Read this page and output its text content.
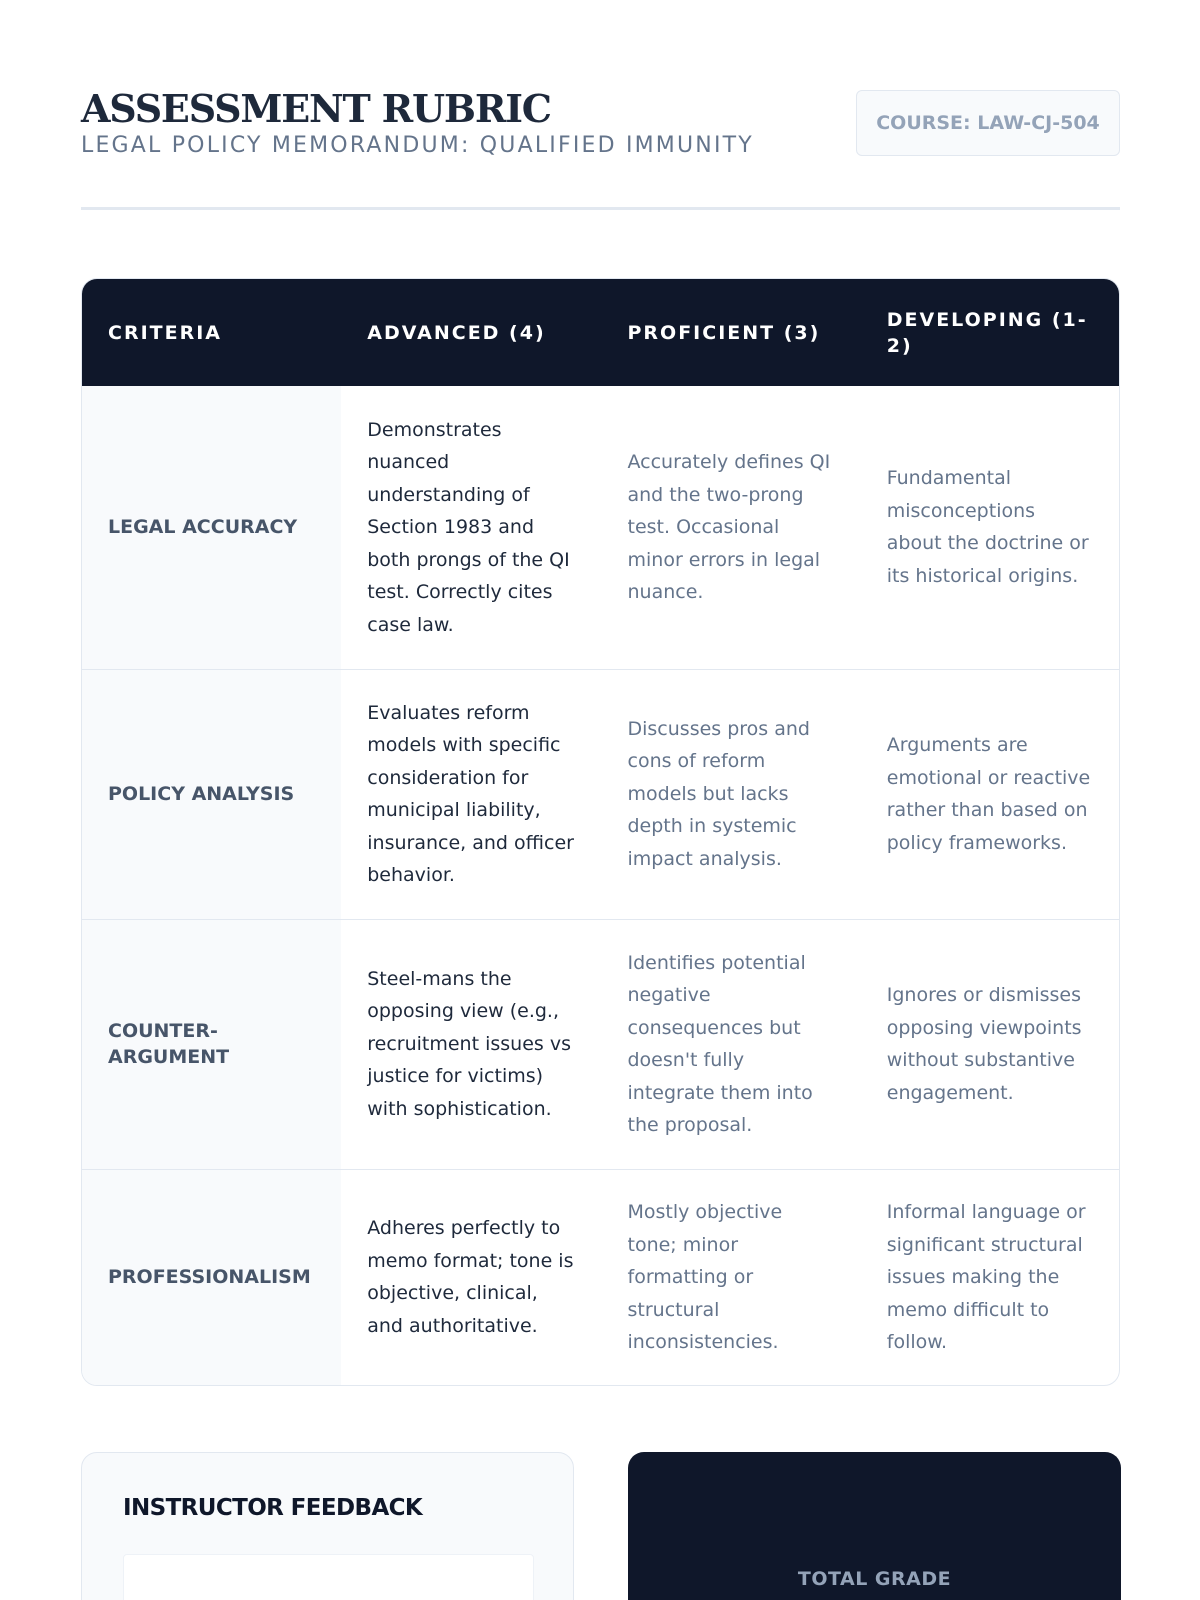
ASSESSMENT RUBRIC

LEGAL POLICY MEMORANDUM: QUALIFIED IMMUNITY

COURSE: LAW-CJ-504
CRITERIA	ADVANCED (4)	PROFICIENT (3)	DEVELOPING (1-2)
LEGAL ACCURACY	Demonstrates nuanced understanding of Section 1983 and both prongs of the QI test. Correctly cites case law.	Accurately defines QI and the two-prong test. Occasional minor errors in legal nuance.	Fundamental misconceptions about the doctrine or its historical origins.
POLICY ANALYSIS	Evaluates reform models with specific consideration for municipal liability, insurance, and officer behavior.	Discusses pros and cons of reform models but lacks depth in systemic impact analysis.	Arguments are emotional or reactive rather than based on policy frameworks.
COUNTER-ARGUMENT	Steel-mans the opposing view (e.g., recruitment issues vs justice for victims) with sophistication.	Identifies potential negative consequences but doesn't fully integrate them into the proposal.	Ignores or dismisses opposing viewpoints without substantive engagement.
PROFESSIONALISM	Adheres perfectly to memo format; tone is objective, clinical, and authoritative.	Mostly objective tone; minor formatting or structural inconsistencies.	Informal language or significant structural issues making the memo difficult to follow.
INSTRUCTOR FEEDBACK
TOTAL GRADE
